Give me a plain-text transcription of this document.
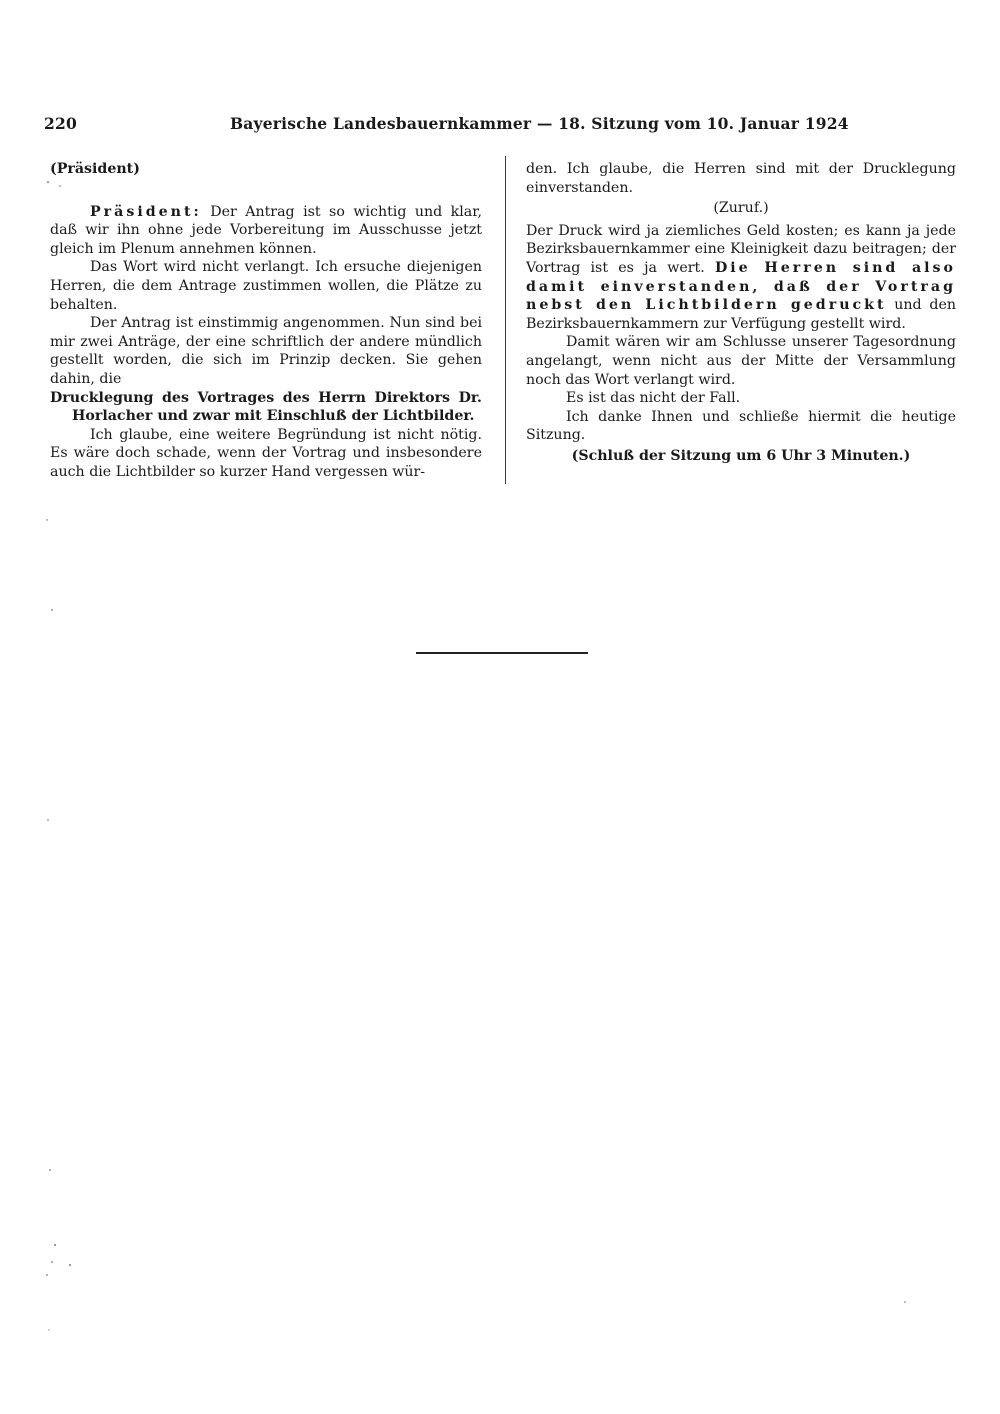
220	Bayerische Landesbauernkammer — 18. Sitzung vom 10. Januar 1924

(Präsident)

Präsident: Der Antrag ist so wichtig und klar, daß wir ihn ohne jede Vorbereitung im Ausschusse jetzt gleich im Plenum annehmen können.

Das Wort wird nicht verlangt. Ich ersuche diejenigen Herren, die dem Antrage zustimmen wollen, die Plätze zu behalten.

Der Antrag ist einstimmig angenommen. Nun sind bei mir zwei Anträge, der eine schriftlich der andere mündlich gestellt worden, die sich im Prinzip decken. Sie gehen dahin, die

Drucklegung des Vortrages des Herrn Direktors Dr. Horlacher und zwar mit Einschluß der Lichtbilder.

Ich glaube, eine weitere Begründung ist nicht nötig. Es wäre doch schade, wenn der Vortrag und insbesondere auch die Lichtbilder so kurzer Hand vergessen wür-

den. Ich glaube, die Herren sind mit der Drucklegung einverstanden.

(Zuruf.)

Der Druck wird ja ziemliches Geld kosten; es kann ja jede Bezirksbauernkammer eine Kleinigkeit dazu beitragen; der Vortrag ist es ja wert. Die Herren sind also damit einverstanden, daß der Vortrag nebst den Lichtbildern gedruckt und den Bezirksbauernkammern zur Verfügung gestellt wird.

Damit wären wir am Schlusse unserer Tagesordnung angelangt, wenn nicht aus der Mitte der Versammlung noch das Wort verlangt wird.

Es ist das nicht der Fall.

Ich danke Ihnen und schließe hiermit die heutige Sitzung.

(Schluß der Sitzung um 6 Uhr 3 Minuten.)
